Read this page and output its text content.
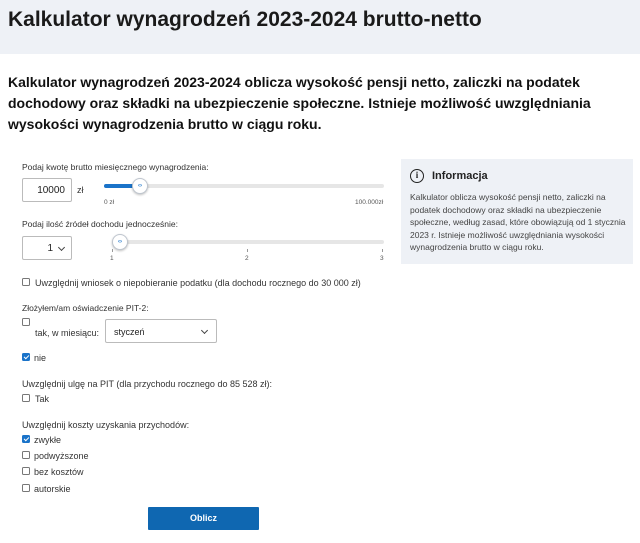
Kalkulator wynagrodzeń 2023-2024 brutto-netto

Kalkulator wynagrodzeń 2023-2024 oblicza wysokość pensji netto, zaliczki na podatek dochodowy oraz składki na ubezpieczenie społeczne. Istnieje możliwość uwzględniania wysokości wynagrodzenia brutto w ciągu roku.

Podaj kwotę brutto miesięcznego wynagrodzenia:
10000	zł	‹›
0 zł	100.000zł
Podaj ilość źródeł dochodu jednocześnie:
1
‹›
1	2	3
Uwzględnij wniosek o niepobieranie podatku (dla dochodu rocznego do 30 000 zł)
Złożyłem/am oświadczenie PIT-2:
tak, w miesiącu: styczeń
nie
Uwzględnij ulgę na PIT (dla przychodu rocznego do 85 528 zł):
Tak
Uwzględnij koszty uzyskania przychodów:
zwykłe
podwyższone
bez kosztów
autorskie
Oblicz
i	Informacja
Kalkulator oblicza wysokość pensji netto, zaliczki na podatek dochodowy oraz składki na ubezpieczenie społeczne, według zasad, które obowiązują od 1 stycznia 2023 r. Istnieje możliwość uwzględniania wysokości wynagrodzenia brutto w ciągu roku.
